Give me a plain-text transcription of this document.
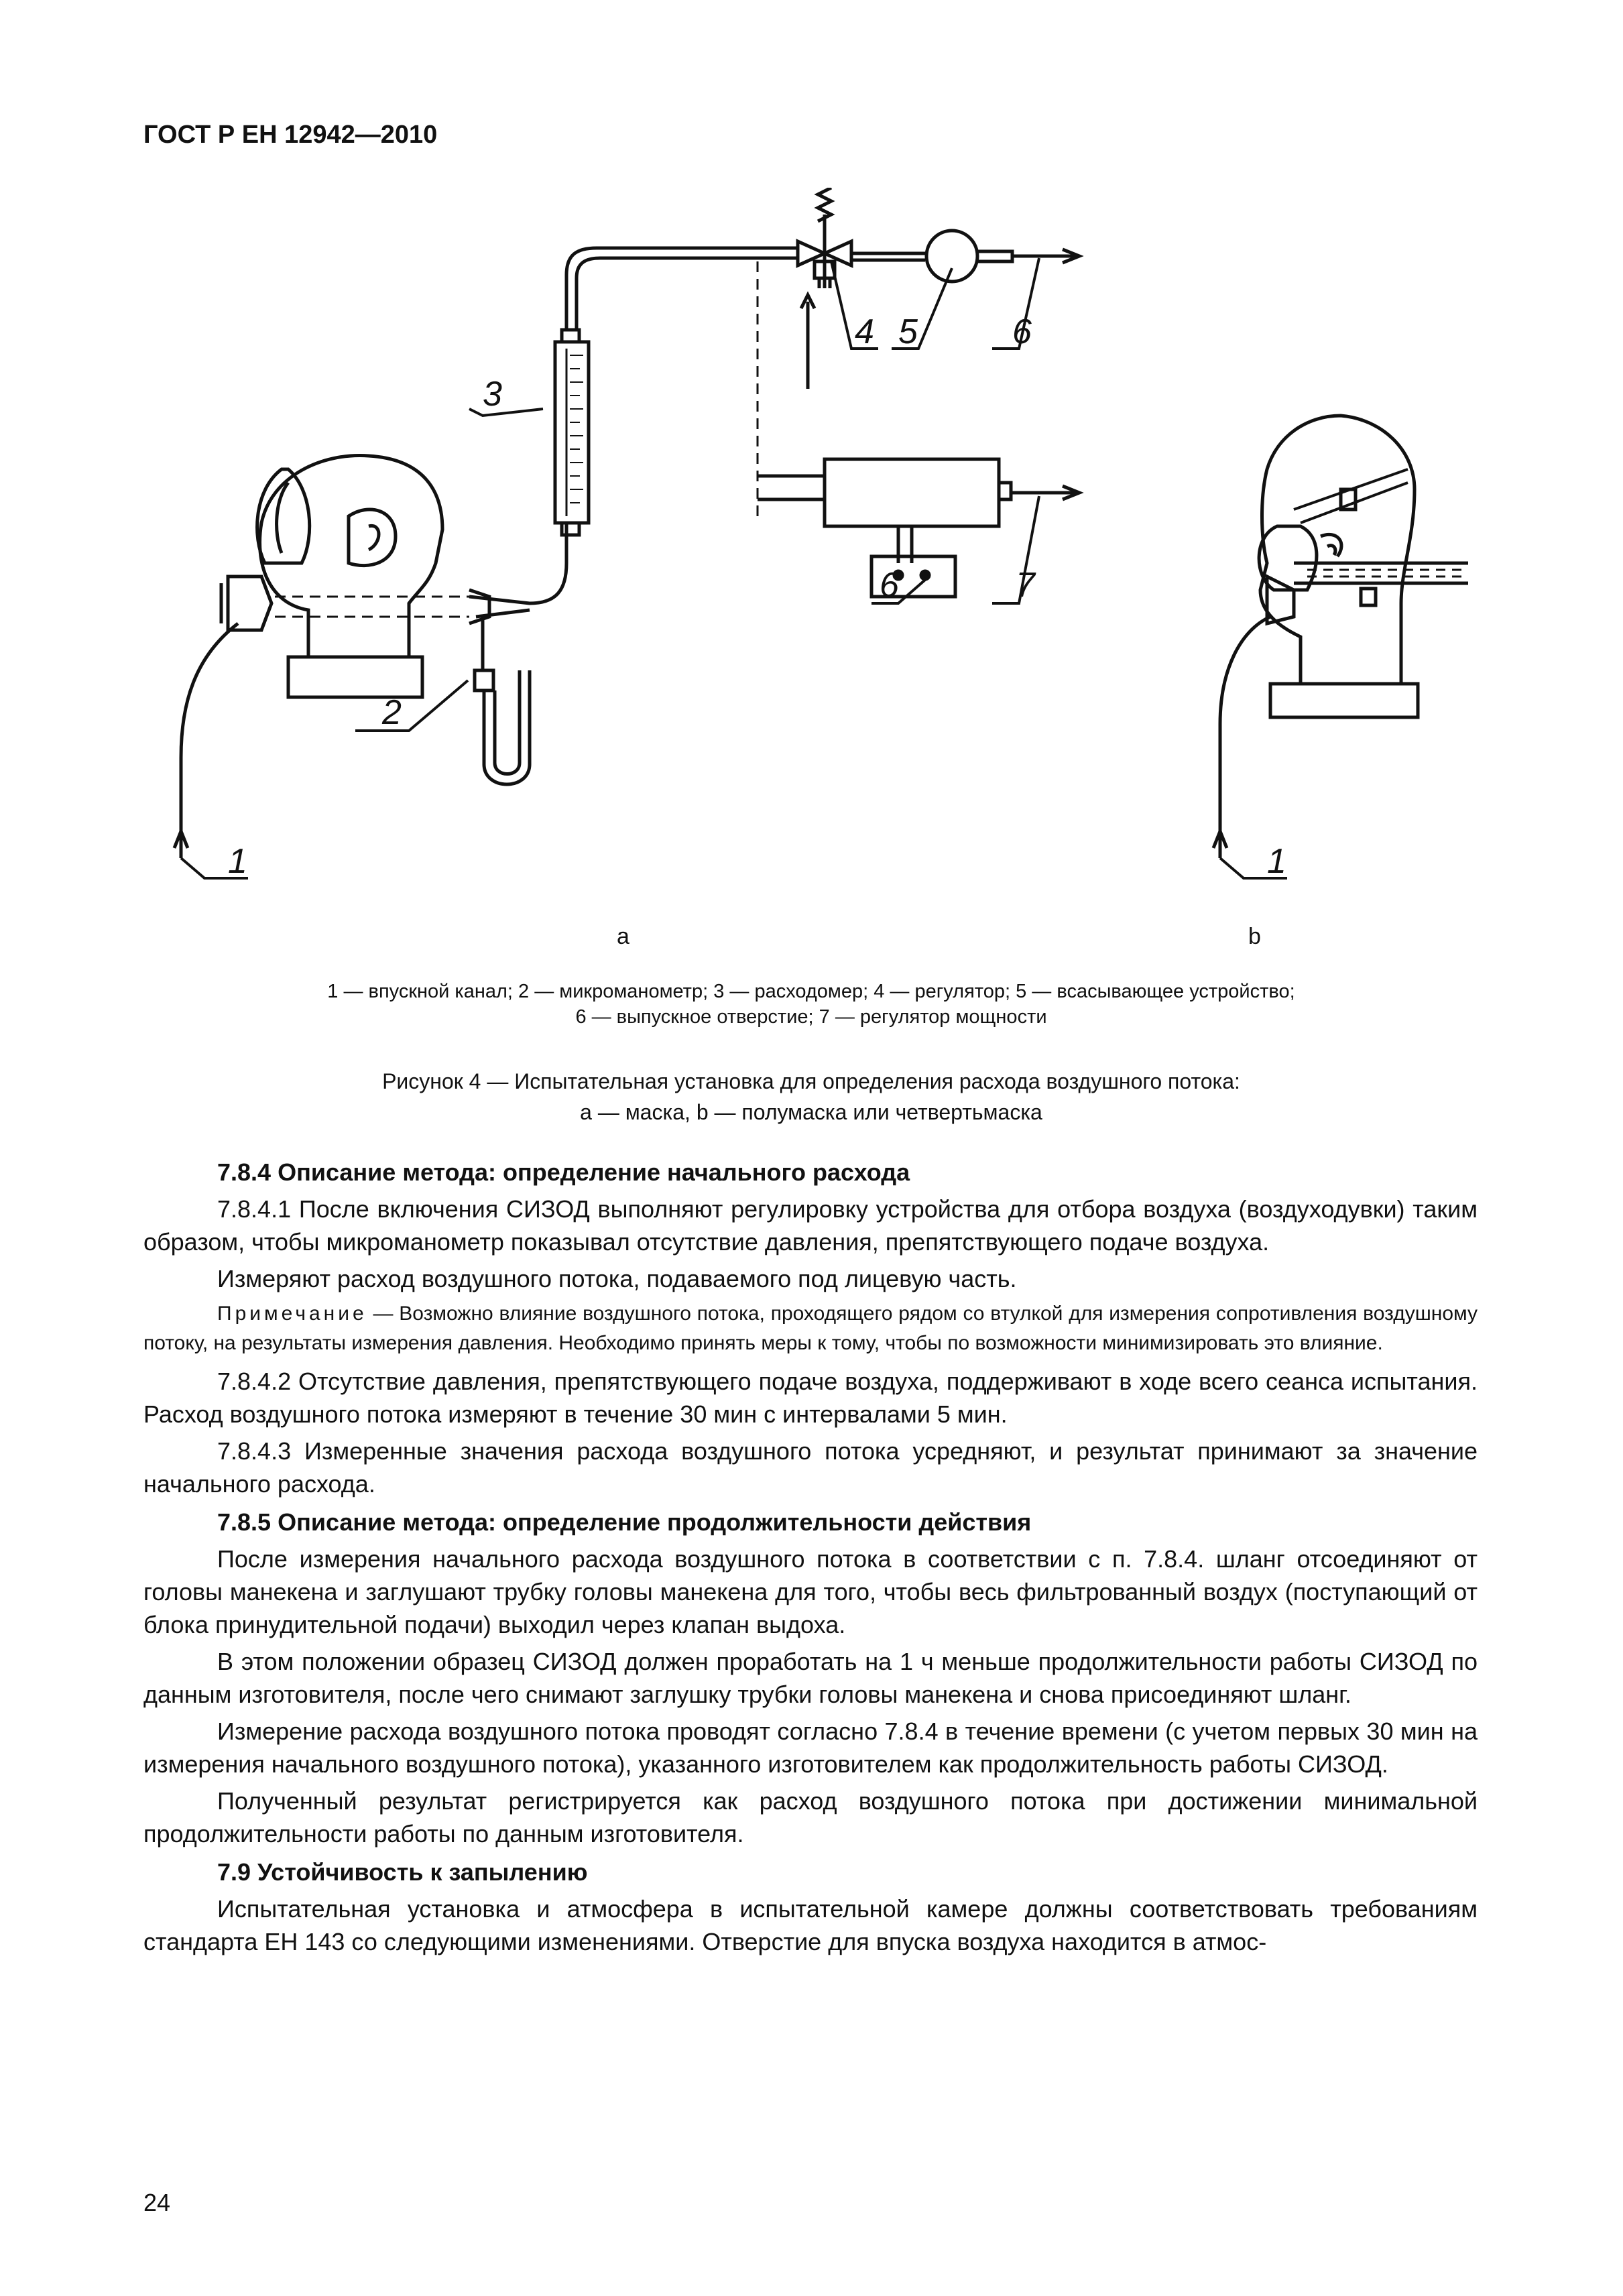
ГОСТ Р ЕН 12942—2010
1
2
3
4 5	6
7
6
1
a	b
1 — впускной канал; 2 — микроманометр; 3 — расходомер; 4 — регулятор; 5 — всасывающее устройство;
6 — выпускное отверстие; 7 — регулятор мощности
Рисунок 4 — Испытательная установка для определения расхода воздушного потока:
a — маска, b — полумаска или четвертьмаска

7.8.4 Описание метода: определение начального расхода

7.8.4.1 После включения СИЗОД выполняют регулировку устройства для отбора воздуха (воздуходувки) таким образом, чтобы микроманометр показывал отсутствие давления, препятствующего подаче воздуха.

Измеряют расход воздушного потока, подаваемого под лицевую часть.

Примечание — Возможно влияние воздушного потока, проходящего рядом со втулкой для измерения сопротивления воздушному потоку, на результаты измерения давления. Необходимо принять меры к тому, чтобы по возможности минимизировать это влияние.

7.8.4.2 Отсутствие давления, препятствующего подаче воздуха, поддерживают в ходе всего сеанса испытания. Расход воздушного потока измеряют в течение 30 мин с интервалами 5 мин.

7.8.4.3 Измеренные значения расхода воздушного потока усредняют, и результат принимают за значение начального расхода.

7.8.5 Описание метода: определение продолжительности действия

После измерения начального расхода воздушного потока в соответствии с п. 7.8.4. шланг отсоединяют от головы манекена и заглушают трубку головы манекена для того, чтобы весь фильтрованный воздух (поступающий от блока принудительной подачи) выходил через клапан выдоха.

В этом положении образец СИЗОД должен проработать на 1 ч меньше продолжительности работы СИЗОД по данным изготовителя, после чего снимают заглушку трубки головы манекена и снова присоединяют шланг.

Измерение расхода воздушного потока проводят согласно 7.8.4 в течение времени (с учетом первых 30 мин на измерения начального воздушного потока), указанного изготовителем как продолжительность работы СИЗОД.

Полученный результат регистрируется как расход воздушного потока при достижении минимальной продолжительности работы по данным изготовителя.

7.9 Устойчивость к запылению

Испытательная установка и атмосфера в испытательной камере должны соответствовать требованиям стандарта ЕН 143 со следующими изменениями. Отверстие для впуска воздуха находится в атмос-

24
